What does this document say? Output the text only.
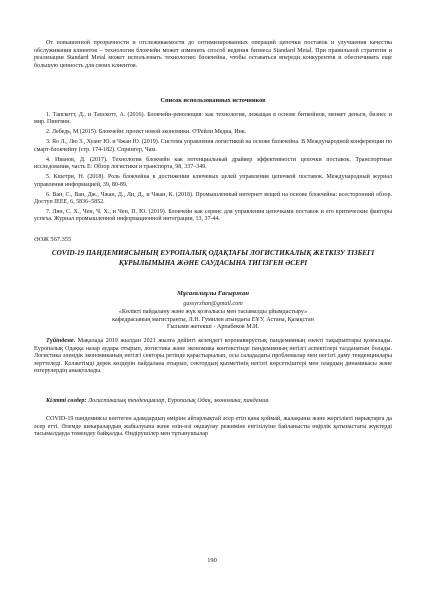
От повышенной прозрачности и отслеживаемости до оптимизированных операций цепочки поставок и улучшения качества обслуживания клиентов – технология блокчейн может изменить способ ведения бизнеса Standard Metal. При правильной стратегии и реализации Standard Metal может использовать технологию блокчейна, чтобы оставаться впереди конкурентов и обеспечивать еще большую ценность для своих клиентов.

Список использованных источников
1. Тапскотт, Д., и Тапскотт, А. (2016). Блокчейн-революция: как технология, лежащая в основе биткойнов, меняет деньги, бизнес и мир. Пингвин.
2. Лебедь, М (2015). Блокчейн: проект новой экономики. О'Рейли Медиа, Инк.
3. Яо Л., Лю З., Хуанг Ю. и Чжан Ю. (2019). Система управления логистикой на основе блокчейна. В Международной конференции по смарт-блокчейну (стр. 174-182). Спрингер, Чам.
4. Иванов, Д. (2017). Технология блокчейн как потенциальный драйвер эффективности цепочки поставок. Транспортные исследования, часть Е: Обзор логистики и транспорта, 98, 337–349.
5. Кшетри, Н. (2018). Роль блокчейна в достижении ключевых целей управления цепочкой поставок. Международный журнал управления информацией, 39, 80-89.
6. Ван, С., Ван, Дж., Чжан, Д., Ли, Д., и Чжан, К. (2018). Промышленный интернет вещей на основе блокчейна: всесторонний обзор. Доступ IEEE, 6, 5836–5852.
7. Лян, С. Х., Чен, Ч. Х., и Чен, П. Ю. (2019). Блокчейн как сервис для управления цепочками поставок и его критические факторы успеха. Журнал промышленной информационной интеграции, 13, 37-44.
ӘОЖ 567.355
COVID-19 ПАНДЕМИЯСЫНЫҢ ЕУРОПАЛЫҚ ОДАҚТАҒЫ ЛОГИСТИКАЛЫҚ ЖЕТКІЗУ ТІЗБЕГІ ҚҰРЫЛЫМЫНА ЖӘНЕ САУДАСЫНА ТИГІЗГЕН ӘСЕРІ
Мұсағалиұлы Ғасыржан
gassyrzhan@gmail.com
«Көлікті пайдалану және жүк қозғалысы мен тасымалды ұйымдастыру»
кафедрасының магистранты, Л.Н. Гумилев атындағы ЕҰУ, Астана, Қазақстан
Ғылыми жетекші - Арпабеков М.И.

Түйіндеме. Мақалада 2019 жылдан 2021 жылға дейінгі кезеңдегі коронавирустық пандемияның өзекті тақырыптары қозғалады. Еуропалық Одаққа назар аудара отырып, логистика және экономика контекстінде пандемияның негізгі аспектілері талданатын болады. Логистика әлемдік экономиканың негізгі секторы ретінде қарастырылып, осы салададағы проблемалар мен негізгі даму тенденциялары зерттеледі. Қолжетімді дерек көздерін пайдалана отырып, сектордың қызметінің негізгі көрсеткіштері мен олардың динамикасы және өзгерулердің анықталады.

Кілтті сөздер: Логистикалық тенденциялар, Еуропалық Одақ, экономика, пандемия.

COVID-19 пандемиясы көптеген адамдардың өміріне айтарлықтай әсер етіп қана қоймай, жалақыны және жергілікті нарықтарға да әсер етті. Әлемде шекаралардың жабылуына және өзін-өзі оқшаулау режиміне енгізілуіне байланысты өңірлік қатынастағы жүктерді тасымалдауда төмендеу байқалды. Өндірушілер мен тұтынушылар

190
